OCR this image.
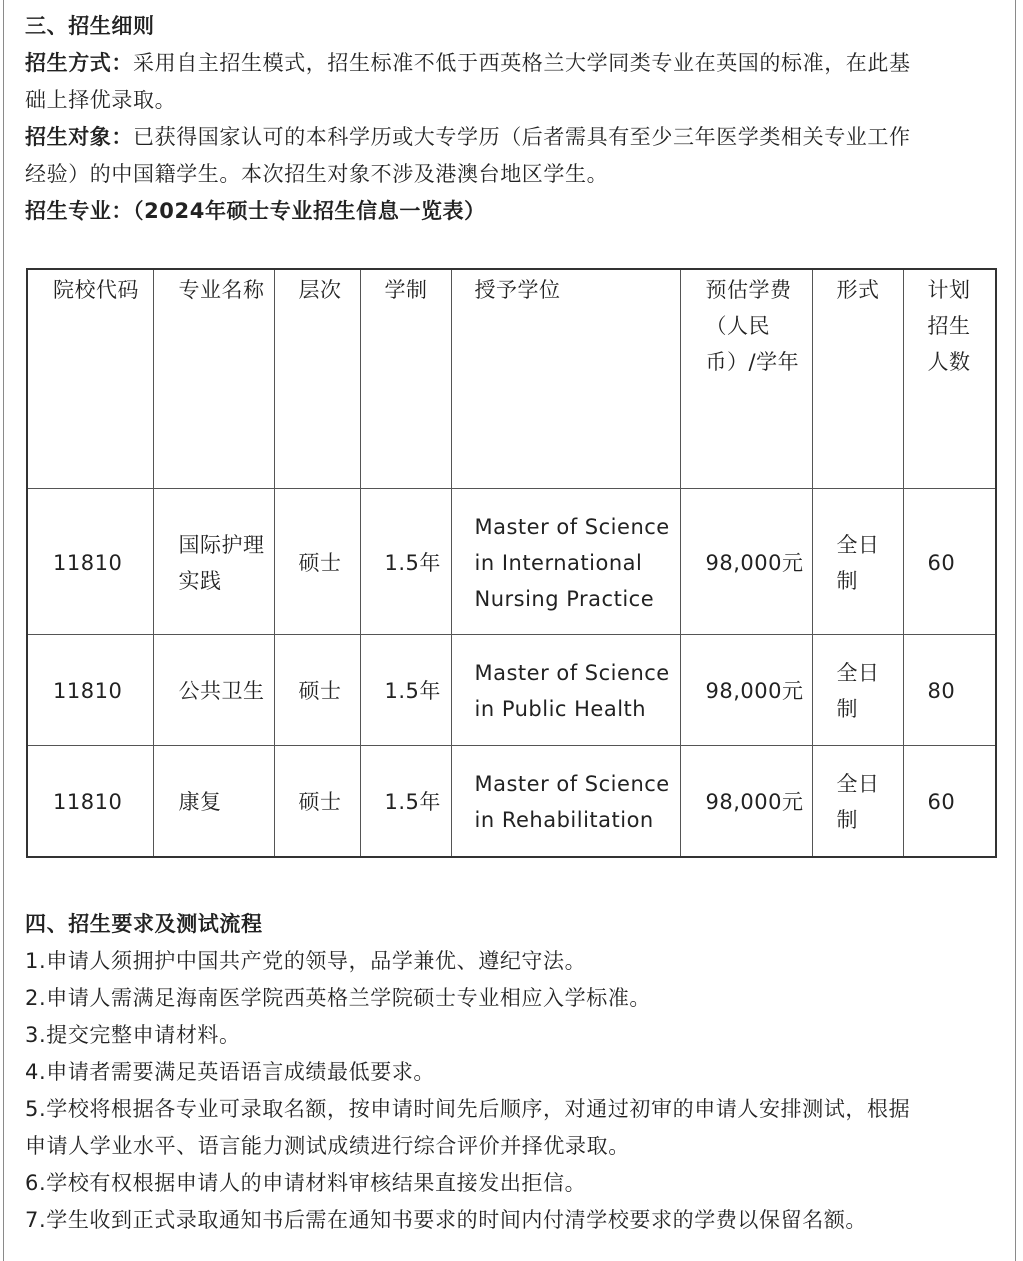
三、招生细则
招生方式：采用自主招生模式，招生标准不低于西英格兰大学同类专业在英国的标准，在此基
础上择优录取。
招生对象：已获得国家认可的本科学历或大专学历（后者需具有至少三年医学类相关专业工作
经验）的中国籍学生。本次招生对象不涉及港澳台地区学生。
招生专业：（2024年硕士专业招生信息一览表）
院校代码	专业名称	层次	学制	授予学位	预估学费（人民币）/学年	形式	计划招生人数
11810	国际护理实践	硕士	1.5年	Master of Science in International Nursing Practice	98,000元	全日制	60
11810	公共卫生	硕士	1.5年	Master of Science in Public Health	98,000元	全日制	80
11810	康复	硕士	1.5年	Master of Science in Rehabilitation	98,000元	全日制	60
四、招生要求及测试流程
1.申请人须拥护中国共产党的领导，品学兼优、遵纪守法。
2.申请人需满足海南医学院西英格兰学院硕士专业相应入学标准。
3.提交完整申请材料。
4.申请者需要满足英语语言成绩最低要求。
5.学校将根据各专业可录取名额，按申请时间先后顺序，对通过初审的申请人安排测试，根据
申请人学业水平、语言能力测试成绩进行综合评价并择优录取。
6.学校有权根据申请人的申请材料审核结果直接发出拒信。
7.学生收到正式录取通知书后需在通知书要求的时间内付清学校要求的学费以保留名额。
